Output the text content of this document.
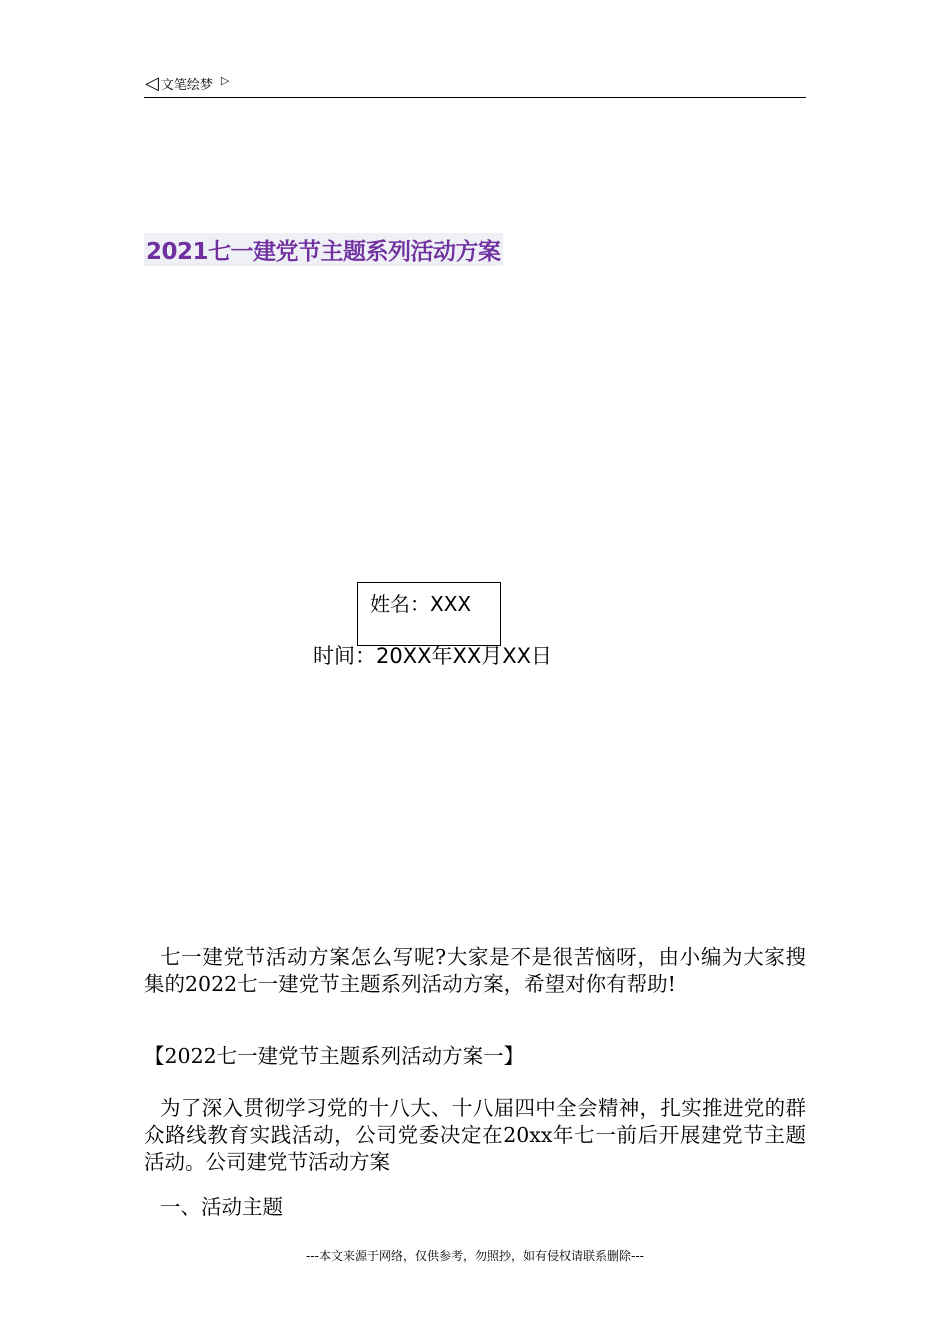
◁ 文笔绘梦 ▷
2021七一建党节主题系列活动方案
姓名：XXX
时间：20XX年XX月XX日
七一建党节活动方案怎么写呢?大家是不是很苦恼呀，由小编为大家搜集的2022七一建党节主题系列活动方案，希望对你有帮助!
【2022七一建党节主题系列活动方案一】
为了深入贯彻学习党的十八大、十八届四中全会精神，扎实推进党的群众路线教育实践活动，公司党委决定在20xx年七一前后开展建党节主题活动。公司建党节活动方案
一、活动主题
---本文来源于网络，仅供参考，勿照抄，如有侵权请联系删除---
